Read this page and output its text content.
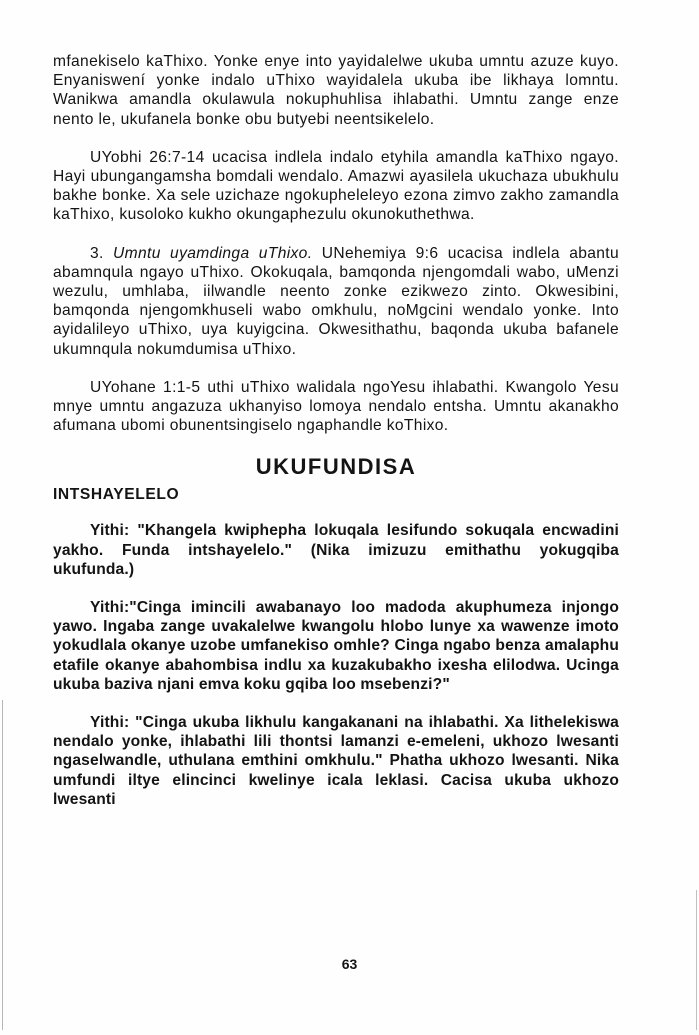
mfanekiselo kaThixo. Yonke enye into yayidalelwe ukuba umntu azuze kuyo. Enyaniswení yonke indalo uThixo wayidalela ukuba ibe likhaya lomntu. Wanikwa amandla okulawula nokuphuhlisa ihlabathi. Umntu zange enze nento le, ukufanela bonke obu butyebi neentsikelelo.

UYobhi 26:7-14 ucacisa indlela indalo etyhila amandla kaThixo ngayo. Hayi ubungangamsha bomdali wendalo. Amazwi ayasilela ukuchaza ubukhulu bakhe bonke. Xa sele uzichaze ngokupheleleyo ezona zimvo zakho zamandla kaThixo, kusoloko kukho okungaphezulu okunokuthethwa.

3. Umntu uyamdinga uThixo. UNehemiya 9:6 ucacisa indlela abantu abamnqula ngayo uThixo. Okokuqala, bamqonda njengomdali wabo, uMenzi wezulu, umhlaba, iilwandle neento zonke ezikwezo zinto. Okwesibini, bamqonda njengomkhuseli wabo omkhulu, noMgcini wendalo yonke. Into ayidalileyo uThixo, uya kuyigcina. Okwesithathu, baqonda ukuba bafanele ukumnqula nokumdumisa uThixo.

UYohane 1:1-5 uthi uThixo walidala ngoYesu ihlabathi. Kwangolo Yesu mnye umntu angazuza ukhanyiso lomoya nendalo entsha. Umntu akanakho afumana ubomi obunentsingiselo ngaphandle koThixo.

UKUFUNDISA
INTSHAYELELO

Yithi: "Khangela kwiphepha lokuqala lesifundo sokuqala encwadini yakho. Funda intshayelelo." (Nika imizuzu emithathu yokugqiba ukufunda.)

Yithi:"Cinga imincili awabanayo loo madoda akuphumeza injongo yawo. Ingaba zange uvakalelwe kwangolu hlobo lunye xa wawenze imoto yokudlala okanye uzobe umfanekiso omhle? Cinga ngabo benza amalaphu etafile okanye abahombisa indlu xa kuzakubakho ixesha elilodwa. Ucinga ukuba baziva njani emva koku gqiba loo msebenzi?"

Yithi: "Cinga ukuba likhulu kangakanani na ihlabathi. Xa lithelekiswa nendalo yonke, ihlabathi lili thontsi lamanzi e-emeleni, ukhozo lwesanti ngaselwandle, uthulana emthini omkhulu." Phatha ukhozo lwesanti. Nika umfundi iltye elincinci kwelinye icala leklasi. Cacisa ukuba ukhozo lwesanti

63
